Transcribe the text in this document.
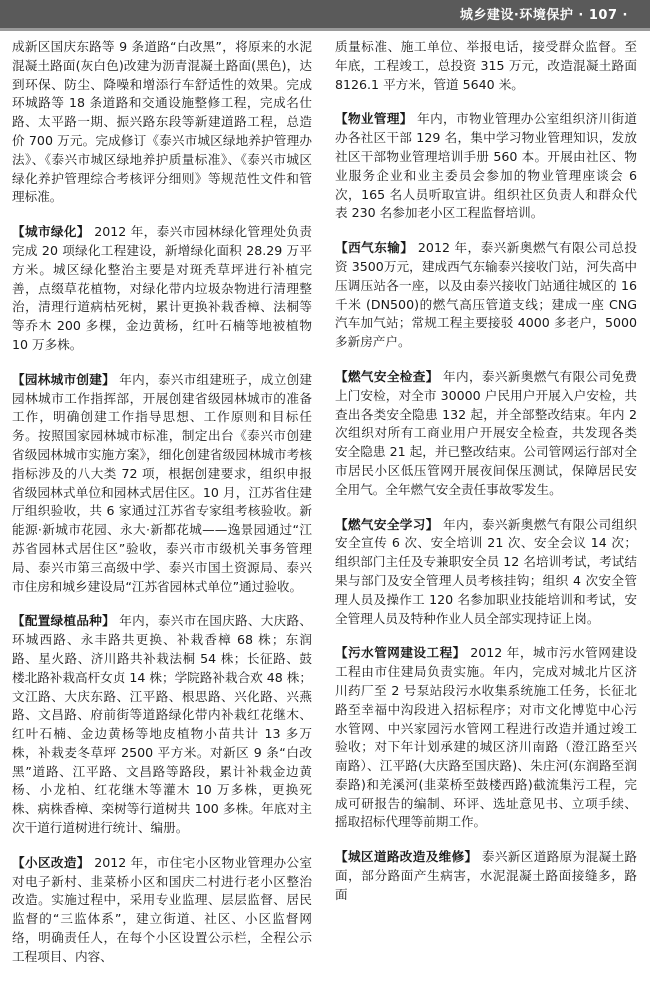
城乡建设·环境保护 · 107 ·

成新区国庆东路等 9 条道路“白改黑”，将原来的水泥混凝土路面(灰白色)改建为沥青混凝土路面(黑色)，达到环保、防尘、降噪和增添行车舒适性的效果。完成环城路等 18 条道路和交通设施整修工程，完成名仕路、太平路一期、振兴路东段等新建道路工程，总造价 700 万元。完成修订《泰兴市城区绿地养护管理办法》、《泰兴市城区绿地养护质量标准》、《泰兴市城区绿化养护管理综合考核评分细则》等规范性文件和管理标准。

【城市绿化】 2012 年，泰兴市园林绿化管理处负责完成 20 项绿化工程建设，新增绿化面积 28.29 万平方米。城区绿化整治主要是对斑秃草坪进行补植完善，点缀草花植物，对绿化带内垃圾杂物进行清理整治，清理行道病枯死树，累计更换补栽香樟、法桐等等乔木 200 多棵，金边黄杨，红叶石楠等地被植物 10 万多株。

【园林城市创建】 年内，泰兴市组建班子，成立创建园林城市工作指挥部，开展创建省级园林城市的准备工作，明确创建工作指导思想、工作原则和目标任务。按照国家园林城市标准，制定出台《泰兴市创建省级园林城市实施方案》，细化创建省级园林城市考核指标涉及的八大类 72 项，根据创建要求，组织申报省级园林式单位和园林式居住区。10 月，江苏省住建厅组织验收，共 6 家通过江苏省专家组考核验收。新能源·新城市花园、永大·新都花城——逸景园通过“江苏省园林式居住区”验收，泰兴市市级机关事务管理局、泰兴市第三高级中学、泰兴市国土资源局、泰兴市住房和城乡建设局“江苏省园林式单位”通过验收。

【配置绿植品种】 年内，泰兴市在国庆路、大庆路、环城西路、永丰路共更换、补栽香樟 68 株；东润路、星火路、济川路共补栽法桐 54 株；长征路、鼓楼北路补栽高杆女贞 14 株；学院路补栽合欢 48 株；文江路、大庆东路、江平路、根思路、兴化路、兴燕路、文昌路、府前街等道路绿化带内补栽红花继木、红叶石楠、金边黄杨等地皮植物小苗共计 13 多万株，补栽麦冬草坪 2500 平方米。对新区 9 条“白改黑”道路、江平路、文昌路等路段，累计补栽金边黄杨、小龙柏、红花继木等灌木 10 万多株，更换死株、病株香樟、栾树等行道树共 100 多株。年底对主次干道行道树进行统计、编册。

【小区改造】 2012 年，市住宅小区物业管理办公室对电子新村、韭菜桥小区和国庆二村进行老小区整治改造。实施过程中，采用专业监理、层层监督、居民监督的“三监体系”，建立街道、社区、小区监督网络，明确责任人，在每个小区设置公示栏，全程公示工程项目、内容、

质量标准、施工单位、举报电话，接受群众监督。至年底，工程竣工，总投资 315 万元，改造混凝土路面 8126.1 平方米，管道 5640 米。

【物业管理】 年内，市物业管理办公室组织济川街道办各社区干部 129 名，集中学习物业管理知识，发放社区干部物业管理培训手册 560 本。开展由社区、物业服务企业和业主委员会参加的物业管理座谈会 6 次，165 名人员听取宣讲。组织社区负责人和群众代表 230 名参加老小区工程监督培训。

【西气东输】 2012 年，泰兴新奥燃气有限公司总投资 3500万元，建成西气东输泰兴接收门站，河失高中压调压站各一座，以及由泰兴接收门站通往城区的 16 千米 (DN500)的燃气高压管道支线；建成一座 CNG 汽车加气站；常规工程主要接驳 4000 多老户，5000 多新房产户。

【燃气安全检查】 年内，泰兴新奥燃气有限公司免费上门安检，对全市 30000 户民用户开展入户安检，共查出各类安全隐患 132 起，并全部整改结束。年内 2 次组织对所有工商业用户开展安全检查，共发现各类安全隐患 21 起，并已整改结束。公司管网运行部对全市居民小区低压管网开展夜间保压测试，保障居民安全用气。全年燃气安全责任事故零发生。

【燃气安全学习】 年内，泰兴新奥燃气有限公司组织安全宣传 6 次、安全培训 21 次、安全会议 14 次；组织部门主任及专兼职安全员 12 名培训考试，考试结果与部门及安全管理人员考核挂钩；组织 4 次安全管理人员及操作工 120 名参加职业技能培训和考试，安全管理人员及特种作业人员全部实现持证上岗。

【污水管网建设工程】 2012 年，城市污水管网建设工程由市住建局负责实施。年内，完成对城北片区济川药厂至 2 号泵站段污水收集系统施工任务，长征北路至幸福中沟段进入招标程序；对市文化博览中心污水管网、中兴家园污水管网工程进行改造并通过竣工验收；对下年计划承建的城区济川南路（澄江路至兴南路）、江平路(大庆路至国庆路)、朱庄河(东润路至润泰路)和羌溪河(韭菜桥至鼓楼西路)截流集污工程，完成可研报告的编制、环评、选址意见书、立项手续、摇取招标代理等前期工作。

【城区道路改造及维修】 泰兴新区道路原为混凝土路面，部分路面产生病害，水泥混凝土路面接缝多，路面
